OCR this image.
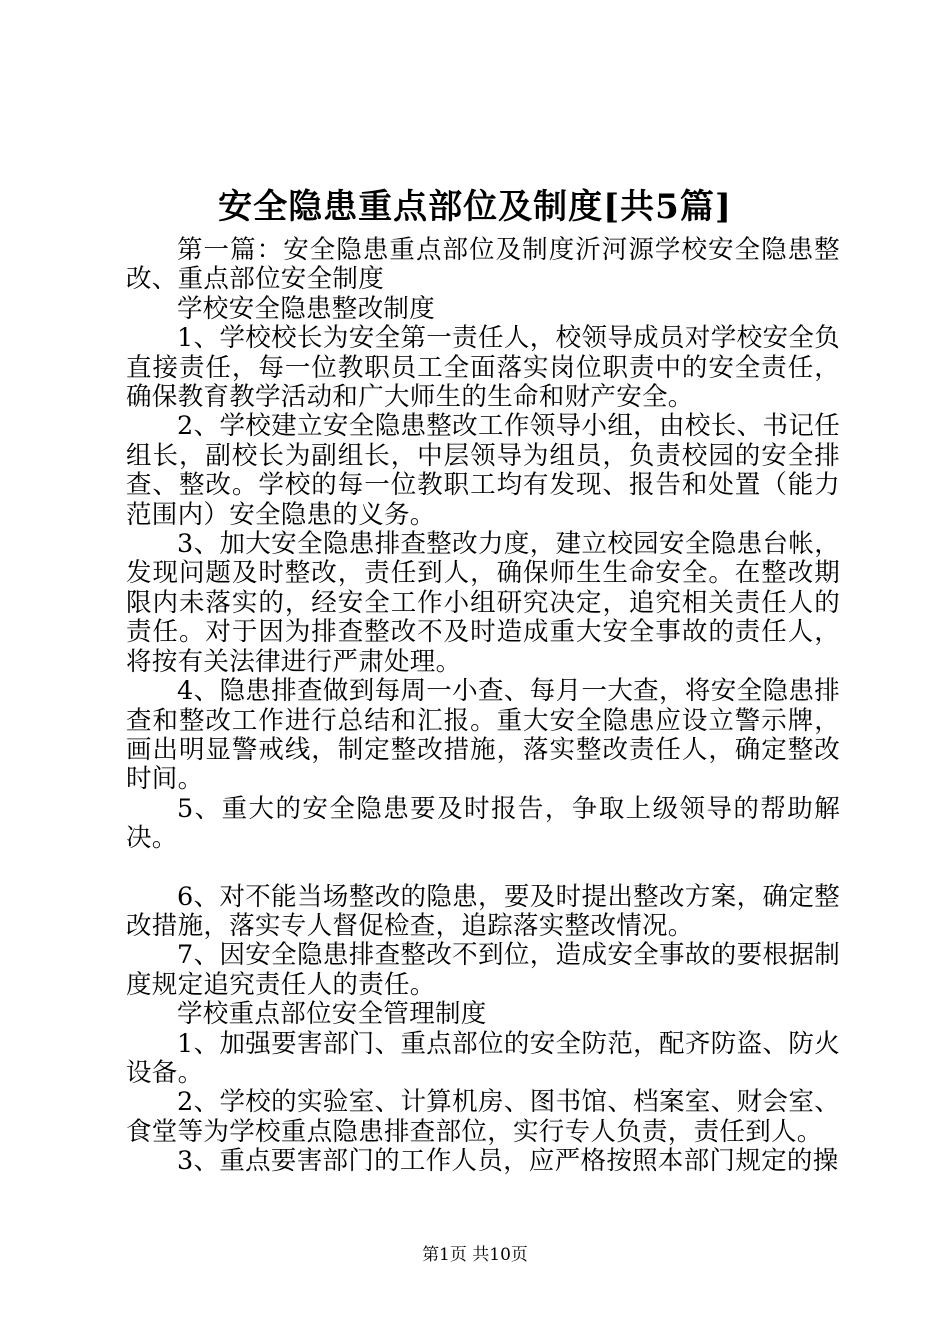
安全隐患重点部位及制度[共5篇]

第一篇：安全隐患重点部位及制度沂河源学校安全隐患整改、重点部位安全制度

学校安全隐患整改制度

1、学校校长为安全第一责任人，校领导成员对学校安全负直接责任，每一位教职员工全面落实岗位职责中的安全责任，确保教育教学活动和广大师生的生命和财产安全。

2、学校建立安全隐患整改工作领导小组，由校长、书记任组长，副校长为副组长，中层领导为组员，负责校园的安全排查、整改。学校的每一位教职工均有发现、报告和处置（能力范围内）安全隐患的义务。

3、加大安全隐患排查整改力度，建立校园安全隐患台帐，发现问题及时整改，责任到人，确保师生生命安全。在整改期限内未落实的，经安全工作小组研究决定，追究相关责任人的责任。对于因为排查整改不及时造成重大安全事故的责任人，将按有关法律进行严肃处理。

4、隐患排查做到每周一小查、每月一大查，将安全隐患排查和整改工作进行总结和汇报。重大安全隐患应设立警示牌，画出明显警戒线，制定整改措施，落实整改责任人，确定整改时间。

5、重大的安全隐患要及时报告，争取上级领导的帮助解决。

6、对不能当场整改的隐患，要及时提出整改方案，确定整改措施，落实专人督促检查，追踪落实整改情况。

7、因安全隐患排查整改不到位，造成安全事故的要根据制度规定追究责任人的责任。

学校重点部位安全管理制度

1、加强要害部门、重点部位的安全防范，配齐防盗、防火设备。

2、学校的实验室、计算机房、图书馆、档案室、财会室、食堂等为学校重点隐患排查部位，实行专人负责，责任到人。

3、重点要害部门的工作人员，应严格按照本部门规定的操

第1页 共10页
